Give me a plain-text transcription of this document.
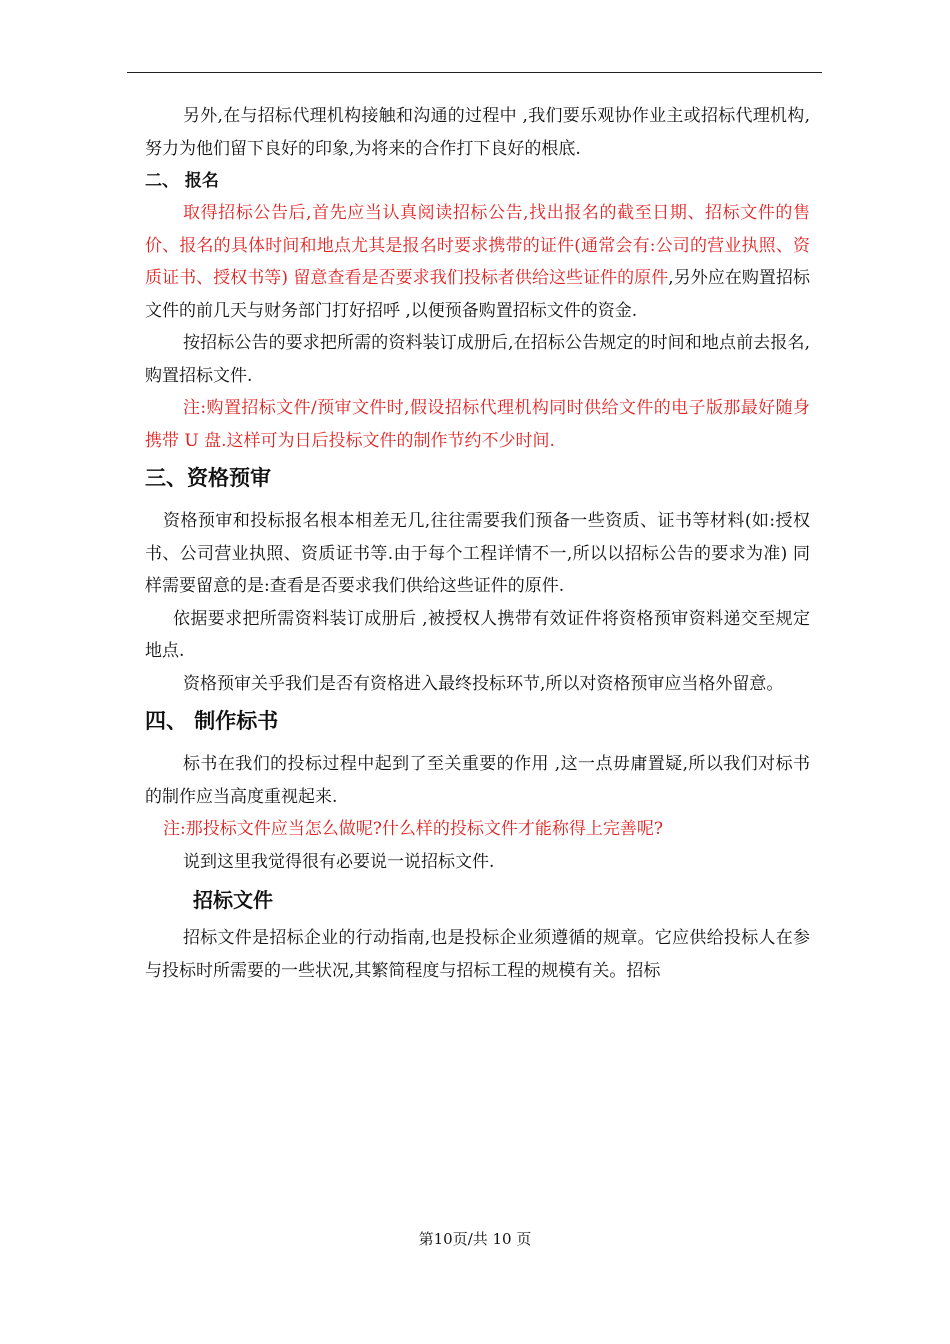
另外,在与招标代理机构接触和沟通的过程中 ,我们要乐观协作业主或招标代理机构,努力为他们留下良好的印象,为将来的合作打下良好的根底.

二、 报名

取得招标公告后,首先应当认真阅读招标公告,找出报名的截至日期、招标文件的售价、报名的具体时间和地点尤其是报名时要求携带的证件(通常会有:公司的营业执照、资质证书、授权书等) 留意查看是否要求我们投标者供给这些证件的原件,另外应在购置招标文件的前几天与财务部门打好招呼 ,以便预备购置招标文件的资金.

按招标公告的要求把所需的资料装订成册后,在招标公告规定的时间和地点前去报名,购置招标文件.

注:购置招标文件/预审文件时,假设招标代理机构同时供给文件的电子版那最好随身携带 U 盘.这样可为日后投标文件的制作节约不少时间.

三、资格预审

资格预审和投标报名根本相差无几,往往需要我们预备一些资质、证书等材料(如:授权书、公司营业执照、资质证书等.由于每个工程详情不一,所以以招标公告的要求为准) 同样需要留意的是:查看是否要求我们供给这些证件的原件.

依据要求把所需资料装订成册后 ,被授权人携带有效证件将资格预审资料递交至规定地点.

资格预审关乎我们是否有资格进入最终投标环节,所以对资格预审应当格外留意。

四、 制作标书

标书在我们的投标过程中起到了至关重要的作用 ,这一点毋庸置疑,所以我们对标书的制作应当高度重视起来.

注:那投标文件应当怎么做呢?什么样的投标文件才能称得上完善呢?

说到这里我觉得很有必要说一说招标文件.

招标文件

招标文件是招标企业的行动指南,也是投标企业须遵循的规章。它应供给投标人在参与投标时所需要的一些状况,其繁简程度与招标工程的规模有关。招标

第10页/共 10 页
